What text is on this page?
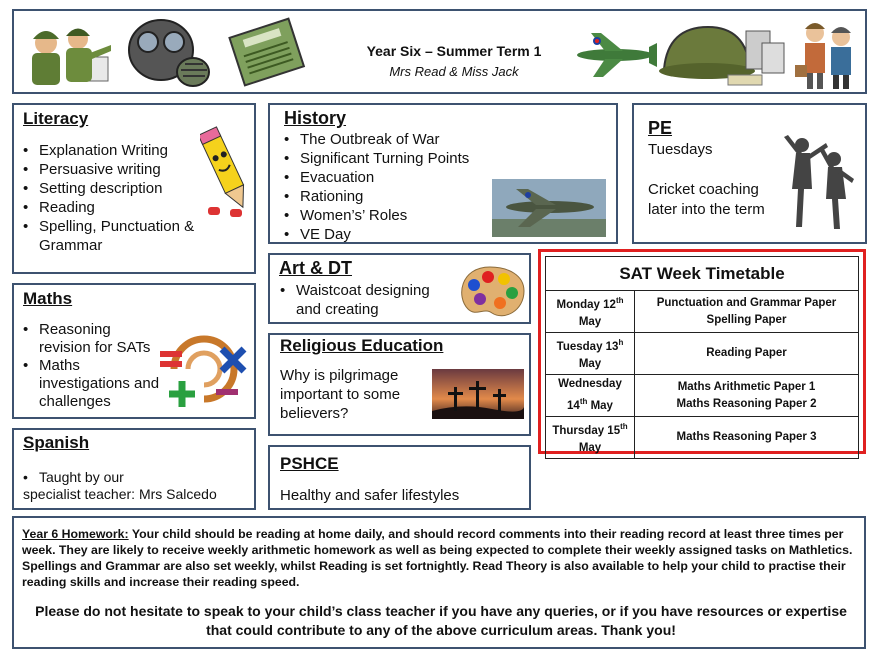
Year Six – Summer Term 1
Mrs Read & Miss Jack
Literacy
• Explanation Writing
• Persuasive writing
• Setting description
• Reading
• Spelling, Punctuation & Grammar
History
• The Outbreak of War
• Significant Turning Points
• Evacuation
• Rationing
• Women’s’ Roles
• VE Day
PE
Tuesdays
Cricket coaching later into the term
Maths
• Reasoning revision for SATs
• Maths investigations and challenges
Art & DT
• Waistcoat designing and creating
Religious Education
Why is pilgrimage important to some believers?
Spanish
• Taught by our
specialist teacher: Mrs Salcedo
PSHCE
Healthy and safer lifestyles
SAT Week Timetable	
Monday 12th May	Punctuation and Grammar Paper
Spelling Paper

Tuesday 13$^h$ May	Reading Paper

Wednesday 14th May	Maths Arithmetic Paper 1
Maths Reasoning Paper 2

Thursday 15th May	Maths Reasoning Paper 3
Year 6 Homework: Your child should be reading at home daily, and should record comments into their reading record at least three times per week. They are likely to receive weekly arithmetic homework as well as being expected to complete their weekly assigned tasks on Mathletics. Spellings and Grammar are also set weekly, whilst Reading is set fortnightly. Read Theory is also available to help your child to practise their reading skills and increase their reading speed.
Please do not hesitate to speak to your child’s class teacher if you have any queries, or if you have resources or expertise that could contribute to any of the above curriculum areas. Thank you!
